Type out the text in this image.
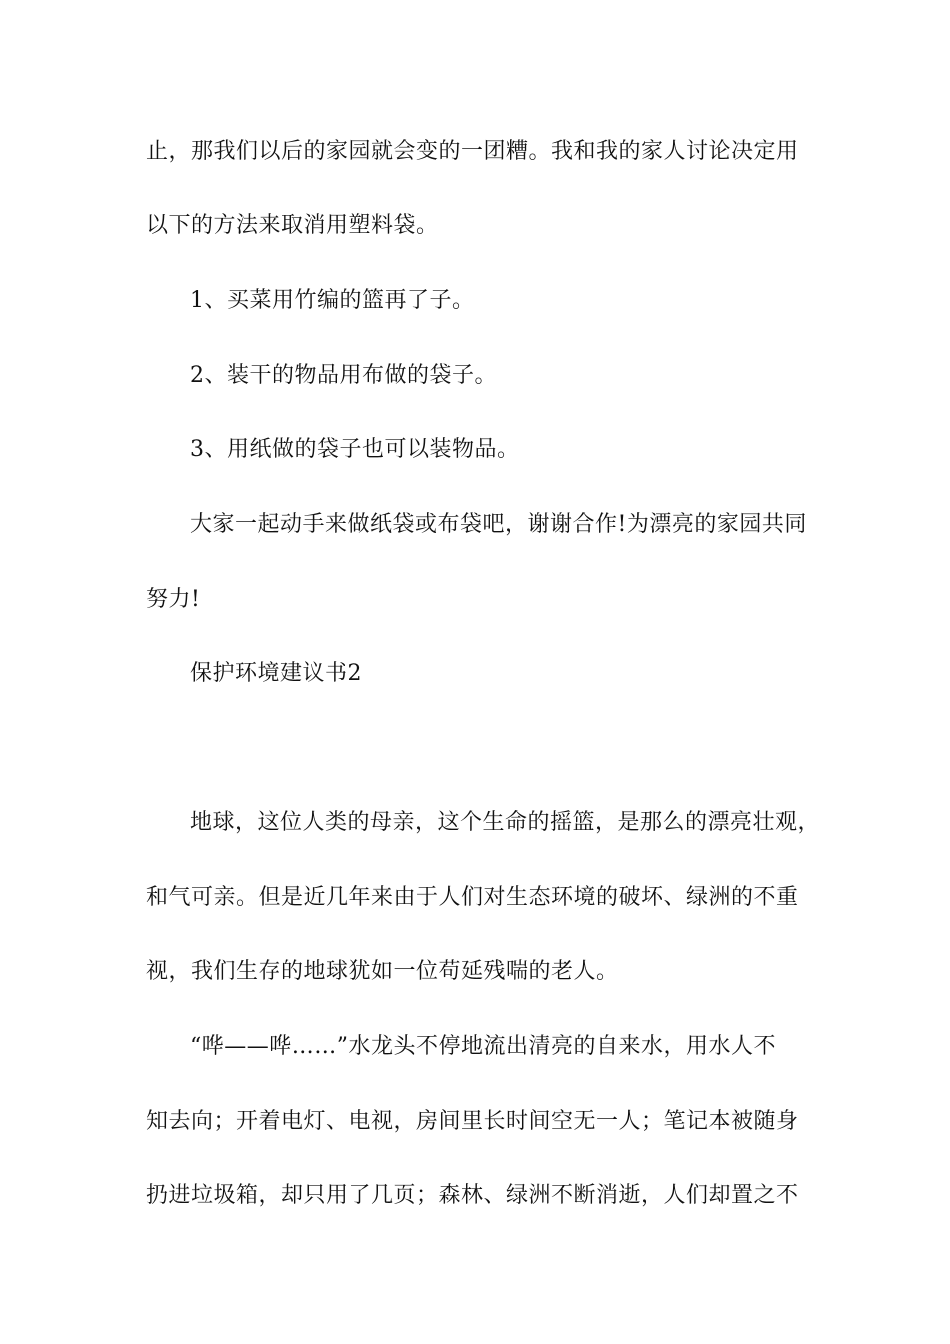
止，那我们以后的家园就会变的一团糟。我和我的家人讨论决定用
以下的方法来取消用塑料袋。
1、买菜用竹编的篮再了子。
2、装干的物品用布做的袋子。
3、用纸做的袋子也可以装物品。
大家一起动手来做纸袋或布袋吧，谢谢合作!为漂亮的家园共同
努力!
保护环境建议书2
地球，这位人类的母亲，这个生命的摇篮，是那么的漂亮壮观，
和气可亲。但是近几年来由于人们对生态环境的破坏、绿洲的不重
视，我们生存的地球犹如一位苟延残喘的老人。
“哗——哗……”水龙头不停地流出清亮的自来水，用水人不
知去向；开着电灯、电视，房间里长时间空无一人；笔记本被随身
扔进垃圾箱，却只用了几页；森林、绿洲不断消逝，人们却置之不
